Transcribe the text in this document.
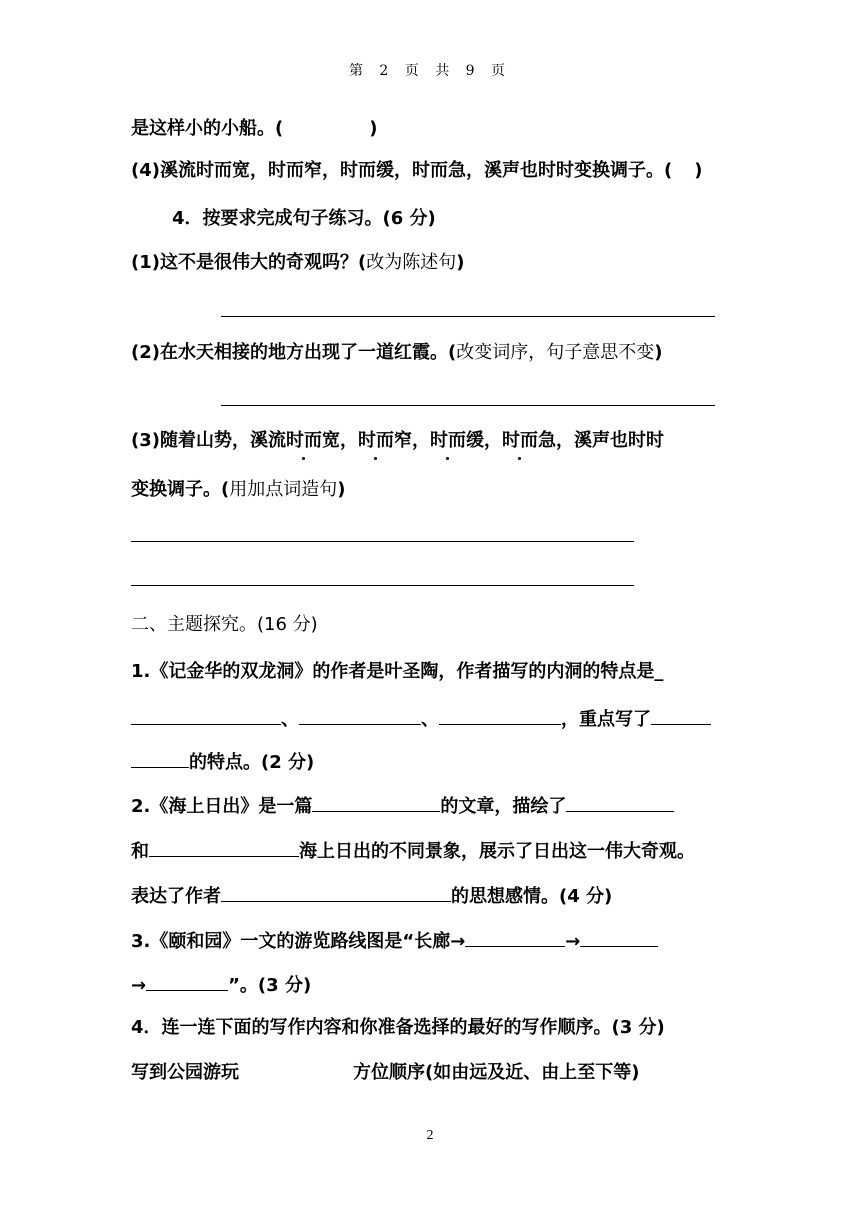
第 2 页 共 9 页
是这样小的小船。(	)
(4)溪流时而宽，时而窄，时而缓，时而急，溪声也时时变换调子。( )
4．按要求完成句子练习。(6 分)
(1)这不是很伟大的奇观吗？(改为陈述句)
(2)在水天相接的地方出现了一道红霞。(改变词序，句子意思不变)
(3)随着山势，溪流时而宽，时而窄，时而缓，时而急，溪声也时时
变换调子。(用加点词造句)
二、主题探究。(16 分)
1.《记金华的双龙洞》的作者是叶圣陶，作者描写的内洞的特点是_
、	、	，重点写了
的特点。(2 分)
2.《海上日出》是一篇	的文章，描绘了
和	海上日出的不同景象，展示了日出这一伟大奇观。
表达了作者	的思想感情。(4 分)
3.《颐和园》一文的游览路线图是“长廊→	→
→	”。(3 分)
4．连一连下面的写作内容和你准备选择的最好的写作顺序。(3 分)
写到公园游玩	方位顺序(如由远及近、由上至下等)
2
